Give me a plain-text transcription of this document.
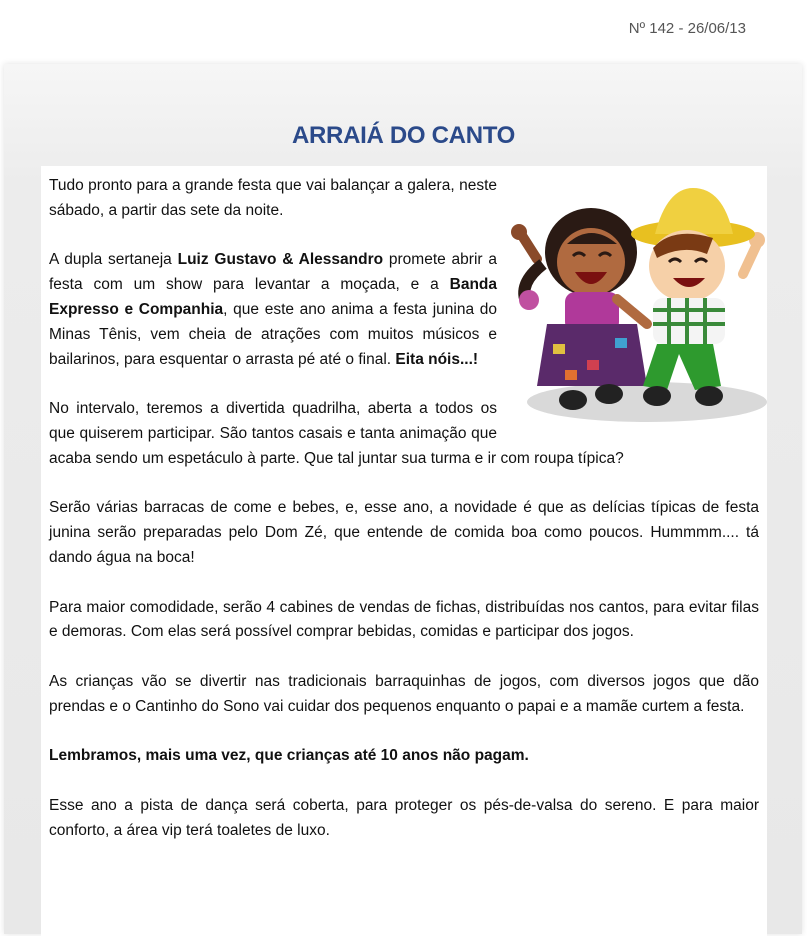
Nº 142 - 26/06/13
ARRAIÁ DO CANTO

Tudo pronto para a grande festa que vai balançar a galera, neste sábado, a partir das sete da noite.

A dupla sertaneja Luiz Gustavo & Alessandro promete abrir a festa com um show para levantar a moçada, e a Banda Expresso e Companhia, que este ano anima a festa junina do Minas Tênis, vem cheia de atrações com muitos músicos e bailarinos, para esquentar o arrasta pé até o final. Eita nóis...!

No intervalo, teremos a divertida quadrilha, aberta a todos os que quiserem participar. São tantos casais e tanta animação que acaba sendo um espetáculo à parte. Que tal juntar sua turma e ir com roupa típica?

Serão várias barracas de come e bebes, e, esse ano, a novidade é que as delícias típicas de festa junina serão preparadas pelo Dom Zé, que entende de comida boa como poucos. Hummmm.... tá dando água na boca!

Para maior comodidade, serão 4 cabines de vendas de fichas, distribuídas nos cantos, para evitar filas e demoras. Com elas será possível comprar bebidas, comidas e participar dos jogos.

As crianças vão se divertir nas tradicionais barraquinhas de jogos, com diversos jogos que dão prendas e o Cantinho do Sono vai cuidar dos pequenos enquanto o papai e a mamãe curtem a festa.

Lembramos, mais uma vez, que crianças até 10 anos não pagam.

Esse ano a pista de dança será coberta, para proteger os pés-de-valsa do sereno. E para maior conforto, a área vip terá toaletes de luxo.
